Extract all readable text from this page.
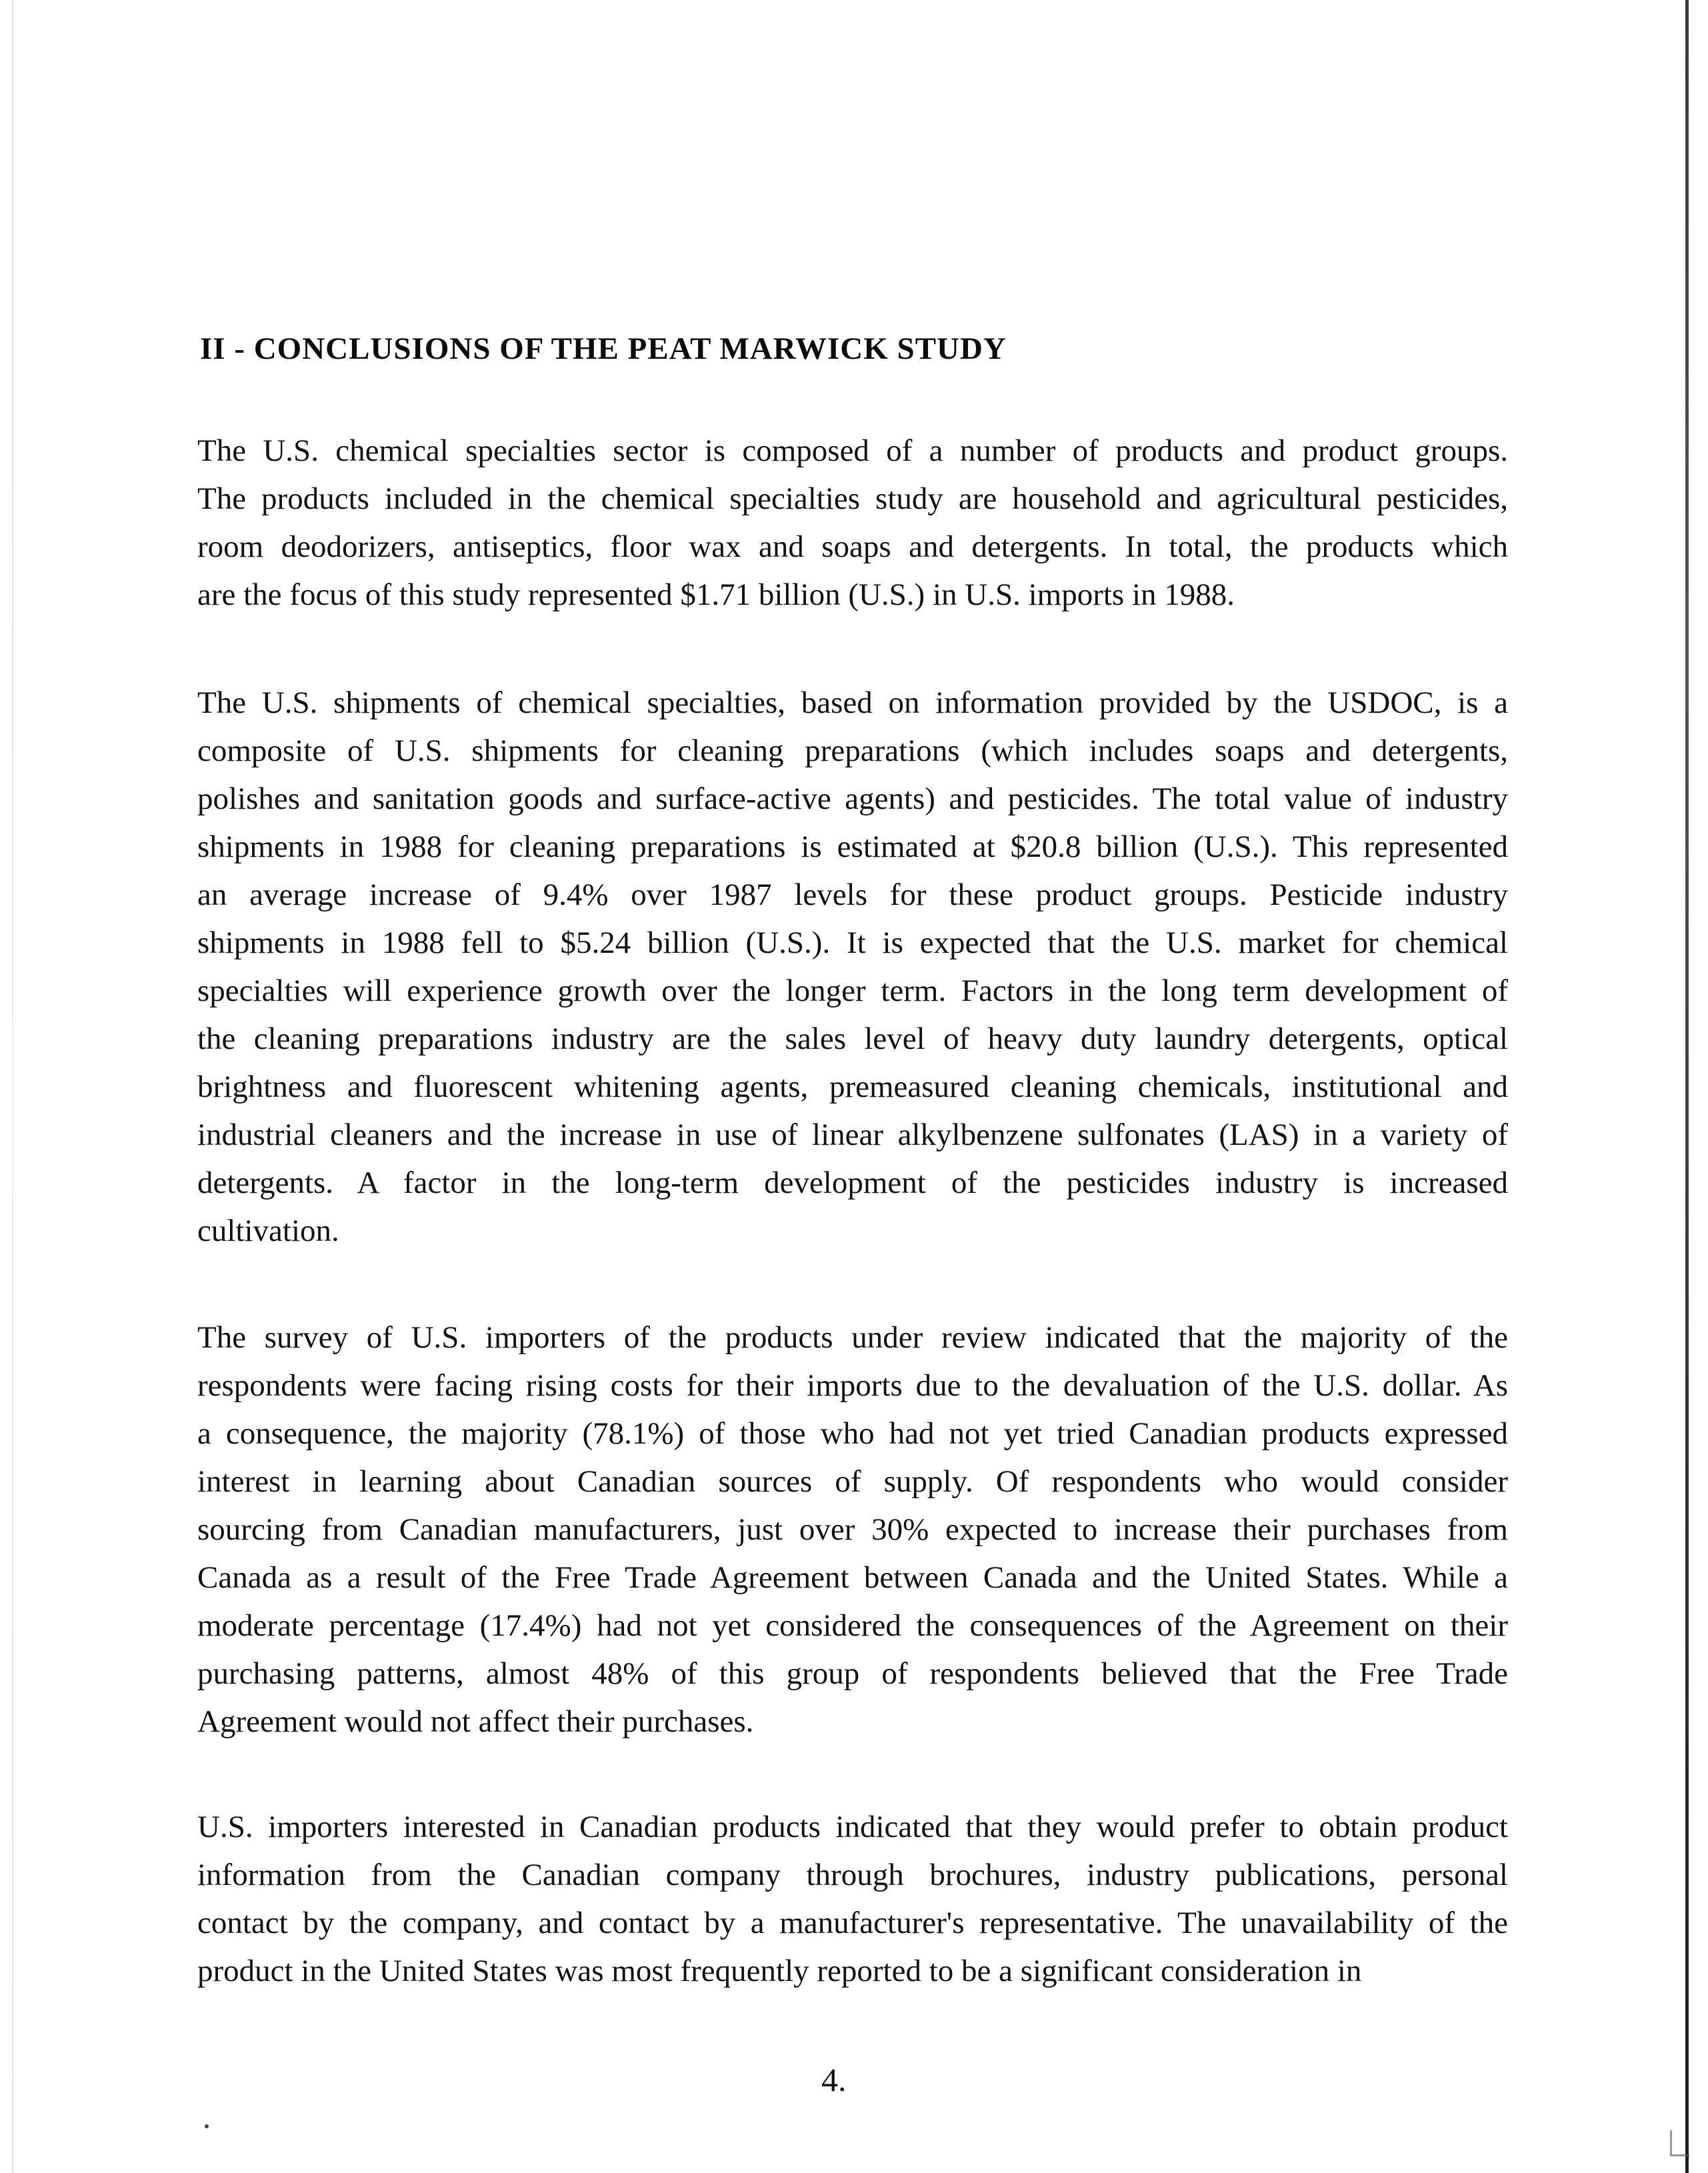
II - CONCLUSIONS OF THE PEAT MARWICK STUDY
The U.S. chemical specialties sector is composed of a number of products and product groups.
The products included in the chemical specialties study are household and agricultural pesticides,
room deodorizers, antiseptics, floor wax and soaps and detergents. In total, the products which
are the focus of this study represented $1.71 billion (U.S.) in U.S. imports in 1988.
The U.S. shipments of chemical specialties, based on information provided by the USDOC, is a
composite of U.S. shipments for cleaning preparations (which includes soaps and detergents,
polishes and sanitation goods and surface-active agents) and pesticides. The total value of industry
shipments in 1988 for cleaning preparations is estimated at $20.8 billion (U.S.). This represented
an average increase of 9.4% over 1987 levels for these product groups. Pesticide industry
shipments in 1988 fell to $5.24 billion (U.S.). It is expected that the U.S. market for chemical
specialties will experience growth over the longer term. Factors in the long term development of
the cleaning preparations industry are the sales level of heavy duty laundry detergents, optical
brightness and fluorescent whitening agents, premeasured cleaning chemicals, institutional and
industrial cleaners and the increase in use of linear alkylbenzene sulfonates (LAS) in a variety of
detergents. A factor in the long-term development of the pesticides industry is increased
cultivation.
The survey of U.S. importers of the products under review indicated that the majority of the
respondents were facing rising costs for their imports due to the devaluation of the U.S. dollar. As
a consequence, the majority (78.1%) of those who had not yet tried Canadian products expressed
interest in learning about Canadian sources of supply. Of respondents who would consider
sourcing from Canadian manufacturers, just over 30% expected to increase their purchases from
Canada as a result of the Free Trade Agreement between Canada and the United States. While a
moderate percentage (17.4%) had not yet considered the consequences of the Agreement on their
purchasing patterns, almost 48% of this group of respondents believed that the Free Trade
Agreement would not affect their purchases.
U.S. importers interested in Canadian products indicated that they would prefer to obtain product
information from the Canadian company through brochures, industry publications, personal
contact by the company, and contact by a manufacturer's representative. The unavailability of the
product in the United States was most frequently reported to be a significant consideration in
4.
